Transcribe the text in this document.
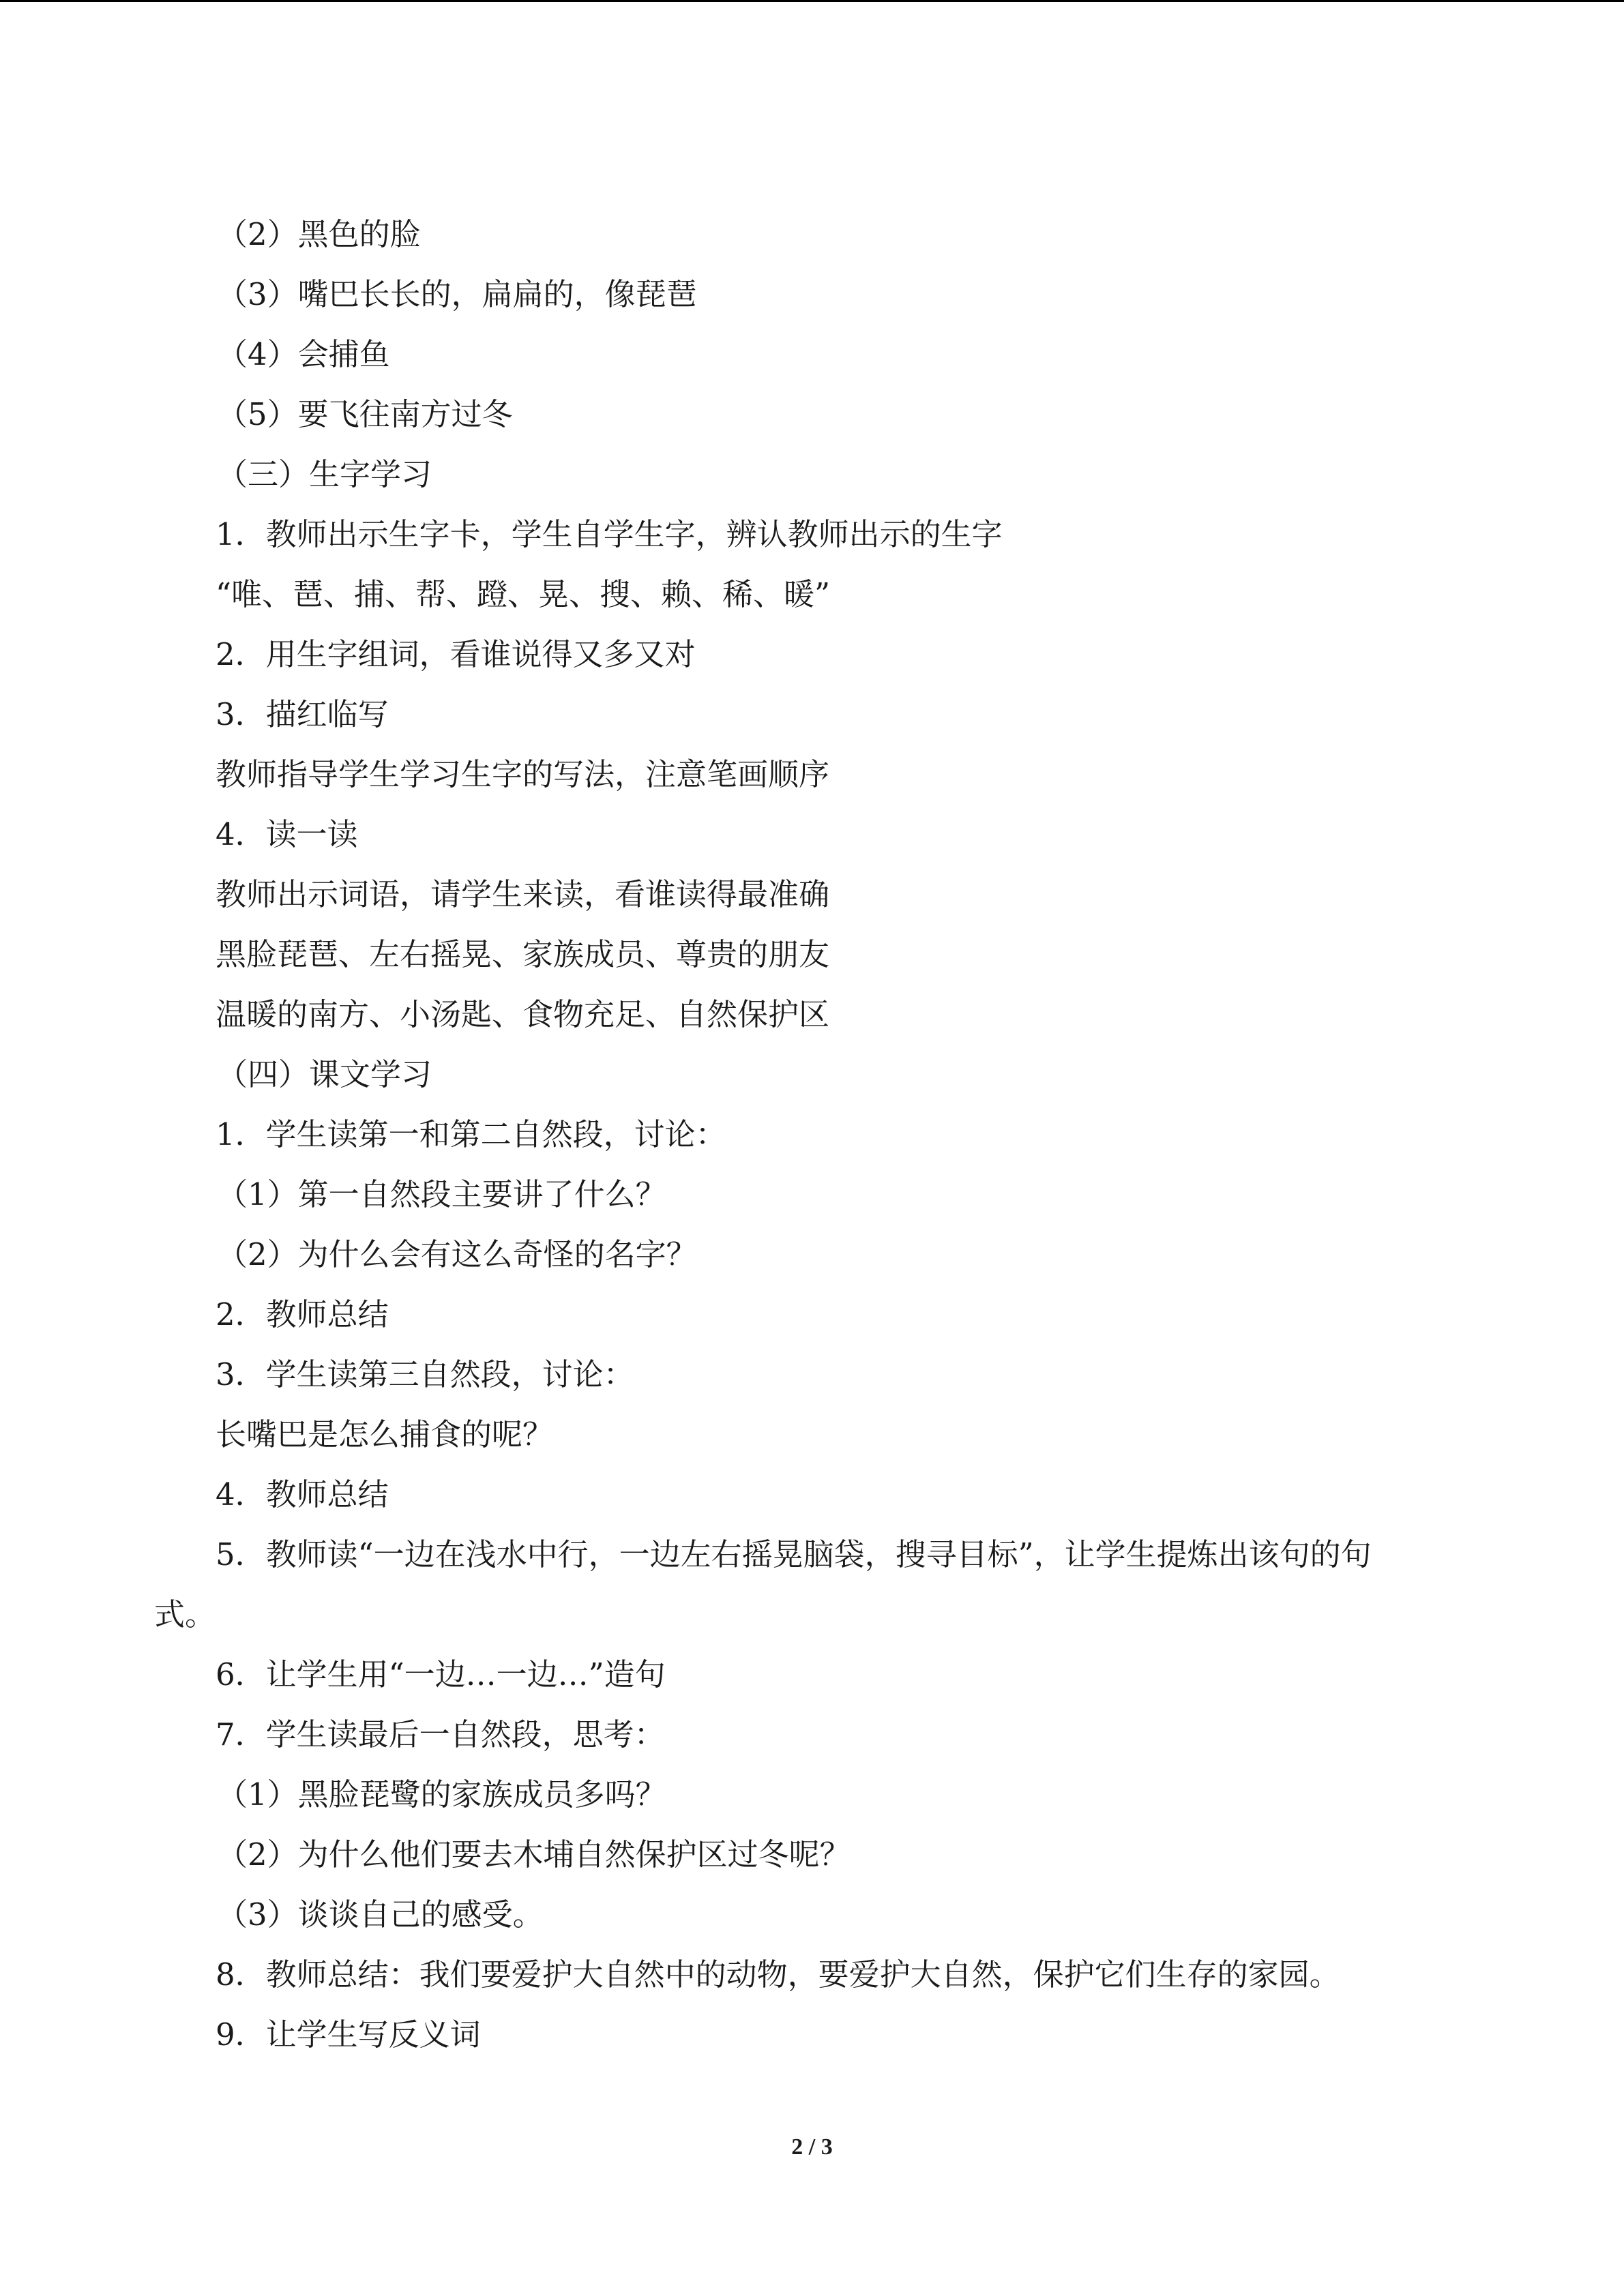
（2）黑色的脸
（3）嘴巴长长的，扁扁的，像琵琶
（4）会捕鱼
（5）要飞往南方过冬
（三）生字学习
1．教师出示生字卡，学生自学生字，辨认教师出示的生字
“唯、琶、捕、帮、蹬、晃、搜、赖、稀、暖”
2．用生字组词，看谁说得又多又对
3．描红临写
教师指导学生学习生字的写法，注意笔画顺序
4．读一读
教师出示词语，请学生来读，看谁读得最准确
黑脸琵琶、左右摇晃、家族成员、尊贵的朋友
温暖的南方、小汤匙、食物充足、自然保护区
（四）课文学习
1．学生读第一和第二自然段，讨论：
（1）第一自然段主要讲了什么？
（2）为什么会有这么奇怪的名字？
2．教师总结
3．学生读第三自然段，讨论：
长嘴巴是怎么捕食的呢？
4．教师总结
5．教师读“一边在浅水中行，一边左右摇晃脑袋，搜寻目标”，让学生提炼出该句的句
式。
6．让学生用“一边…一边…”造句
7．学生读最后一自然段，思考：
（1）黑脸琵鹭的家族成员多吗？
（2）为什么他们要去木埔自然保护区过冬呢？
（3）谈谈自己的感受。
8．教师总结：我们要爱护大自然中的动物，要爱护大自然，保护它们生存的家园。
9．让学生写反义词
2 / 3
